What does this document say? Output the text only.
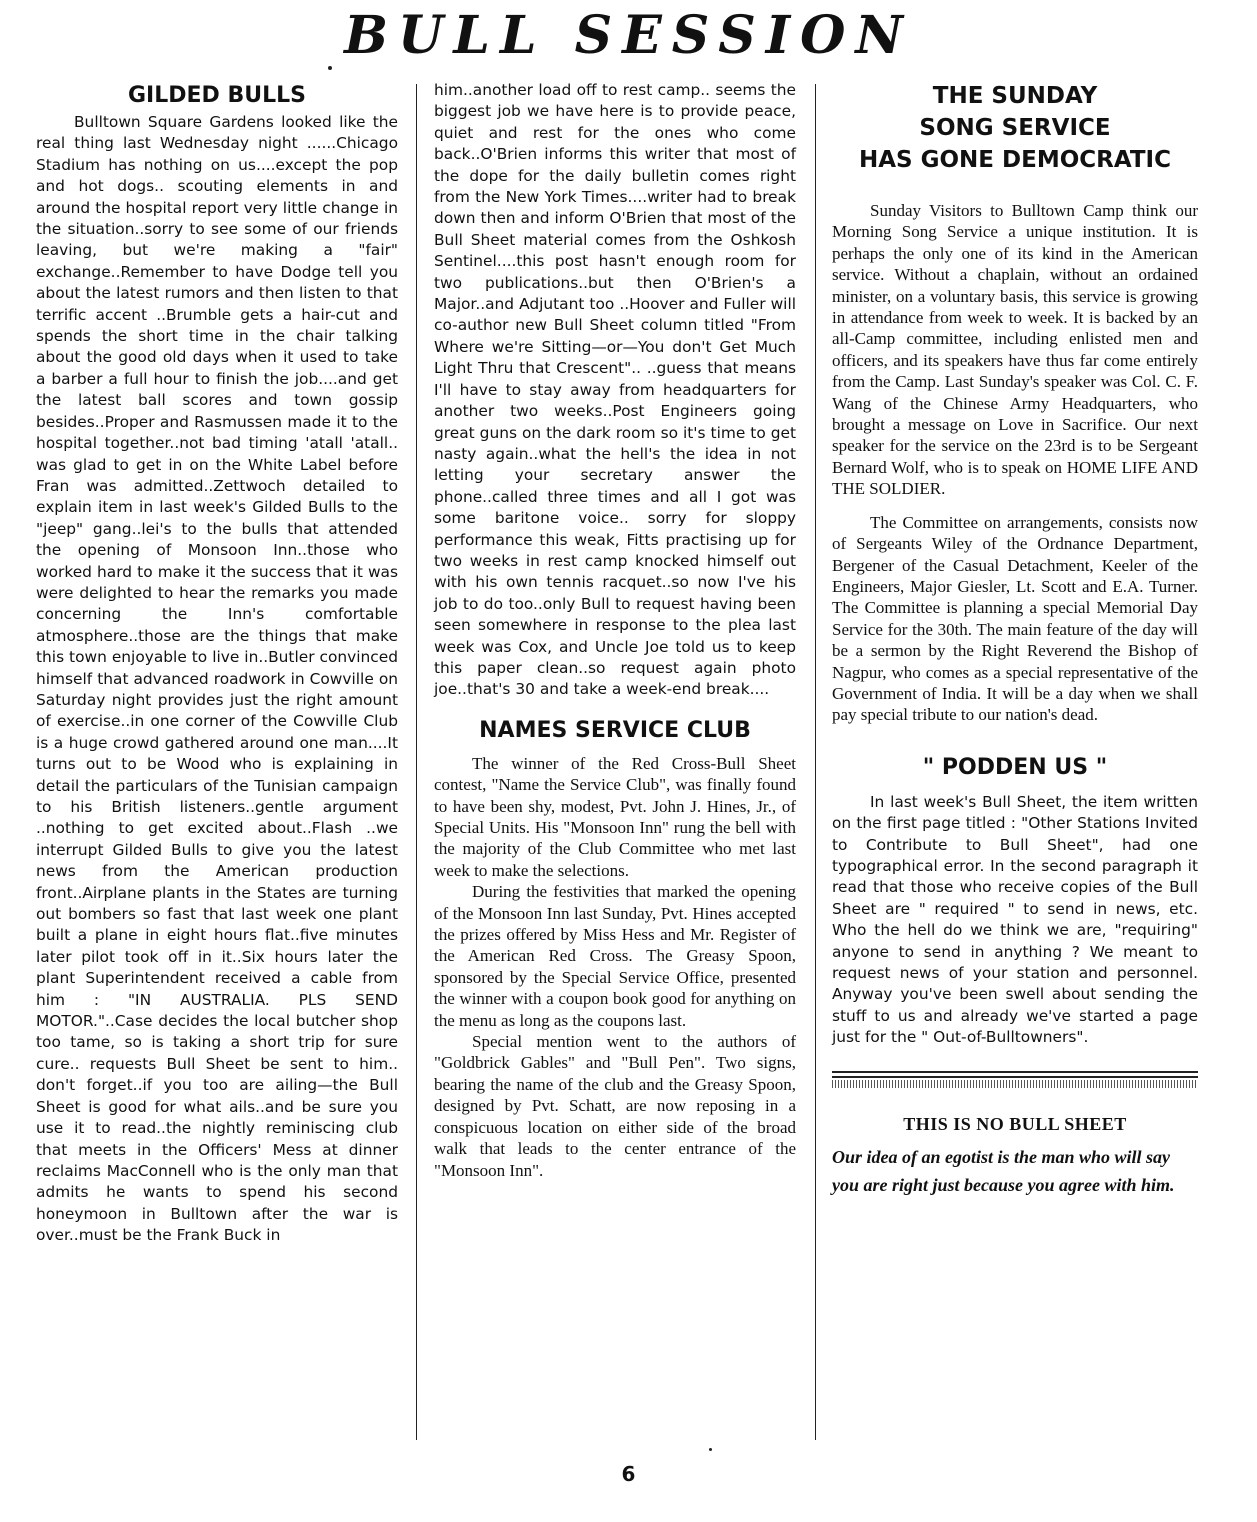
BULL SESSION
GILDED BULLS

Bulltown Square Gardens looked like the real thing last Wednesday night ......Chicago Stadium has nothing on us....except the pop and hot dogs.. scouting elements in and around the hospital report very little change in the situation..sorry to see some of our friends leaving, but we're making a "fair" exchange..Remember to have Dodge tell you about the latest rumors and then listen to that terrific accent ..Brumble gets a hair-cut and spends the short time in the chair talking about the good old days when it used to take a barber a full hour to finish the job....and get the latest ball scores and town gossip besides..Proper and Rasmussen made it to the hospital together..not bad timing 'atall 'atall.. was glad to get in on the White Label before Fran was admitted..Zettwoch detailed to explain item in last week's Gilded Bulls to the "jeep" gang..lei's to the bulls that attended the opening of Monsoon Inn..those who worked hard to make it the success that it was were delighted to hear the remarks you made concerning the Inn's comfortable atmosphere..those are the things that make this town enjoyable to live in..Butler convinced himself that advanced roadwork in Cowville on Saturday night provides just the right amount of exercise..in one corner of the Cowville Club is a huge crowd gathered around one man....It turns out to be Wood who is explaining in detail the particulars of the Tunisian campaign to his British listeners..gentle argument ..nothing to get excited about..Flash ..we interrupt Gilded Bulls to give you the latest news from the American production front..Airplane plants in the States are turning out bombers so fast that last week one plant built a plane in eight hours flat..five minutes later pilot took off in it..Six hours later the plant Superintendent received a cable from him : "IN AUSTRALIA. PLS SEND MOTOR."..Case decides the local butcher shop too tame, so is taking a short trip for sure cure.. requests Bull Sheet be sent to him.. don't forget..if you too are ailing—the Bull Sheet is good for what ails..and be sure you use it to read..the nightly reminiscing club that meets in the Officers' Mess at dinner reclaims MacConnell who is the only man that admits he wants to spend his second honeymoon in Bulltown after the war is over..must be the Frank Buck in

him..another load off to rest camp.. seems the biggest job we have here is to provide peace, quiet and rest for the ones who come back..O'Brien informs this writer that most of the dope for the daily bulletin comes right from the New York Times....writer had to break down then and inform O'Brien that most of the Bull Sheet material comes from the Oshkosh Sentinel....this post hasn't enough room for two publications..but then O'Brien's a Major..and Adjutant too ..Hoover and Fuller will co-author new Bull Sheet column titled "From Where we're Sitting—or—You don't Get Much Light Thru that Crescent".. ..guess that means I'll have to stay away from headquarters for another two weeks..Post Engineers going great guns on the dark room so it's time to get nasty again..what the hell's the idea in not letting your secretary answer the phone..called three times and all I got was some baritone voice.. sorry for sloppy performance this weak, Fitts practising up for two weeks in rest camp knocked himself out with his own tennis racquet..so now I've his job to do too..only Bull to request having been seen somewhere in response to the plea last week was Cox, and Uncle Joe told us to keep this paper clean..so request again photo joe..that's 30 and take a week-end break....

NAMES SERVICE CLUB

The winner of the Red Cross-Bull Sheet contest, "Name the Service Club", was finally found to have been shy, modest, Pvt. John J. Hines, Jr., of Special Units. His "Monsoon Inn" rung the bell with the majority of the Club Committee who met last week to make the selections.

During the festivities that marked the opening of the Monsoon Inn last Sunday, Pvt. Hines accepted the prizes offered by Miss Hess and Mr. Register of the American Red Cross. The Greasy Spoon, sponsored by the Special Service Office, presented the winner with a coupon book good for anything on the menu as long as the coupons last.

Special mention went to the authors of "Goldbrick Gables" and "Bull Pen". Two signs, bearing the name of the club and the Greasy Spoon, designed by Pvt. Schatt, are now reposing in a conspicuous location on either side of the broad walk that leads to the center entrance of the "Monsoon Inn".

THE SUNDAY
SONG SERVICE
HAS GONE DEMOCRATIC

Sunday Visitors to Bulltown Camp think our Morning Song Service a unique institution. It is perhaps the only one of its kind in the American service. Without a chaplain, without an ordained minister, on a voluntary basis, this service is growing in attendance from week to week. It is backed by an all-Camp committee, including enlisted men and officers, and its speakers have thus far come entirely from the Camp. Last Sunday's speaker was Col. C. F. Wang of the Chinese Army Headquarters, who brought a message on Love in Sacrifice. Our next speaker for the service on the 23rd is to be Sergeant Bernard Wolf, who is to speak on HOME LIFE AND THE SOLDIER.

The Committee on arrangements, consists now of Sergeants Wiley of the Ordnance Department, Bergener of the Casual Detachment, Keeler of the Engineers, Major Giesler, Lt. Scott and E.A. Turner. The Committee is planning a special Memorial Day Service for the 30th. The main feature of the day will be a sermon by the Right Reverend the Bishop of Nagpur, who comes as a special representative of the Government of India. It will be a day when we shall pay special tribute to our nation's dead.

" PODDEN US "

In last week's Bull Sheet, the item written on the first page titled : "Other Stations Invited to Contribute to Bull Sheet", had one typographical error. In the second paragraph it read that those who receive copies of the Bull Sheet are " required " to send in news, etc. Who the hell do we think we are, "requiring" anyone to send in anything ? We meant to request news of your station and personnel. Anyway you've been swell about sending the stuff to us and already we've started a page just for the " Out-of-Bulltowners".

THIS IS NO BULL SHEET

Our idea of an egotist is the man who will say you are right just because you agree with him.

6
